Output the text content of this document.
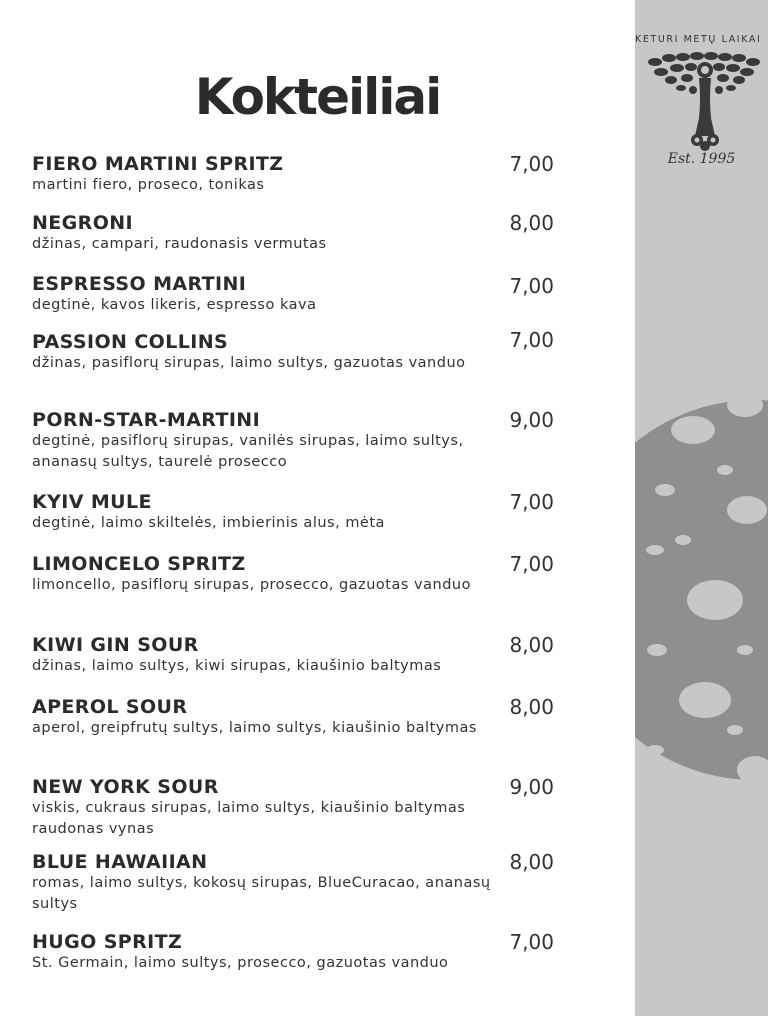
KETURI METŲ LAIKAI
Est. 1995
Kokteiliai
FIERO MARTINI SPRITZ
martini fiero, proseco, tonikas
7,00
NEGRONI
džinas, campari, raudonasis vermutas
8,00
ESPRESSO MARTINI
degtinė, kavos likeris, espresso kava
7,00
PASSION COLLINS
džinas, pasiflorų sirupas, laimo sultys, gazuotas vanduo
7,00
PORN-STAR-MARTINI
degtinė, pasiflorų sirupas, vanilės sirupas, laimo sultys, ananasų sultys, taurelė prosecco
9,00
KYIV MULE
degtinė, laimo skiltelės, imbierinis alus, mėta
7,00
LIMONCELO SPRITZ
limoncello, pasiflorų sirupas, prosecco, gazuotas vanduo
7,00
KIWI GIN SOUR
džinas, laimo sultys, kiwi sirupas, kiaušinio baltymas
8,00
APEROL SOUR
aperol, greipfrutų sultys, laimo sultys, kiaušinio baltymas
8,00
NEW YORK SOUR
viskis, cukraus sirupas, laimo sultys, kiaušinio baltymas raudonas vynas
9,00
BLUE HAWAIIAN
romas, laimo sultys, kokosų sirupas, BlueCuracao, ananasų sultys
8,00
HUGO SPRITZ
St. Germain, laimo sultys, prosecco, gazuotas vanduo
7,00
